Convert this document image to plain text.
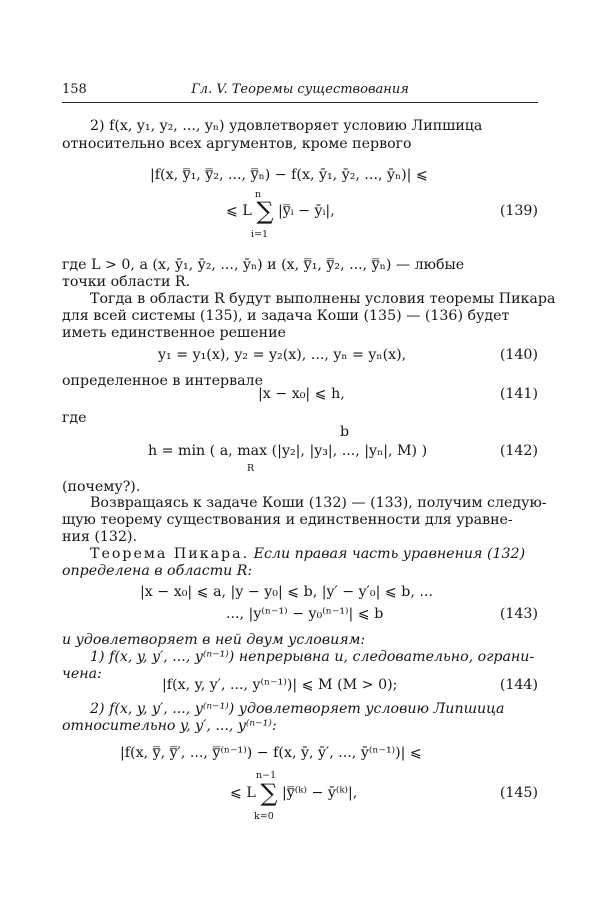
158	Гл. V. Теоремы существования
2) f(x, y₁, y₂, ..., yₙ) удовлетворяет условию Липшица
относительно всех аргументов, кроме первого
|f(x, y̿₁, y̿₂, ..., y̿ₙ) − f(x, ȳ₁, ȳ₂, ..., ȳₙ)| ⩽
n
⩽ L ∑ |y̿ᵢ − ȳᵢ|,	(139)
i=1
где L > 0, а (x, ȳ₁, ȳ₂, ..., ȳₙ) и (x, y̿₁, y̿₂, ..., y̿ₙ) — любые
точки области R.
Тогда в области R будут выполнены условия теоремы Пикара
для всей системы (135), и задача Коши (135) — (136) будет
иметь единственное решение
y₁ = y₁(x), y₂ = y₂(x), ..., yₙ = yₙ(x),	(140)
определенное в интервале
|x − x₀| ⩽ h,	(141)
где
b
h = min ( a, max (|y₂|, |y₃|, ..., |yₙ|, M) )	(142)
R
(почему?).
Возвращаясь к задаче Коши (132) — (133), получим следую-
щую теорему существования и единственности для уравне-
ния (132).
Теорема Пикара. Если правая часть уравнения (132)
определена в области R:
|x − x₀| ⩽ a, |y − y₀| ⩽ b, |y′ − y′₀| ⩽ b, ...
..., |y⁽ⁿ⁻¹⁾ − y₀⁽ⁿ⁻¹⁾| ⩽ b	(143)
и удовлетворяет в ней двум условиям:
1) f(x, y, y′, ..., y⁽ⁿ⁻¹⁾) непрерывна и, следовательно, ограни-
чена:
|f(x, y, y′, ..., y⁽ⁿ⁻¹⁾)| ⩽ M (M > 0);	(144)
2) f(x, y, y′, ..., y⁽ⁿ⁻¹⁾) удовлетворяет условию Липшица
относительно y, y′, ..., y⁽ⁿ⁻¹⁾:
|f(x, y̿, y̿′, ..., y̿⁽ⁿ⁻¹⁾) − f(x, ȳ, ȳ′, ..., ȳ⁽ⁿ⁻¹⁾)| ⩽
n−1
⩽ L ∑ |y̿⁽ᵏ⁾ − ȳ⁽ᵏ⁾|,	(145)
k=0
